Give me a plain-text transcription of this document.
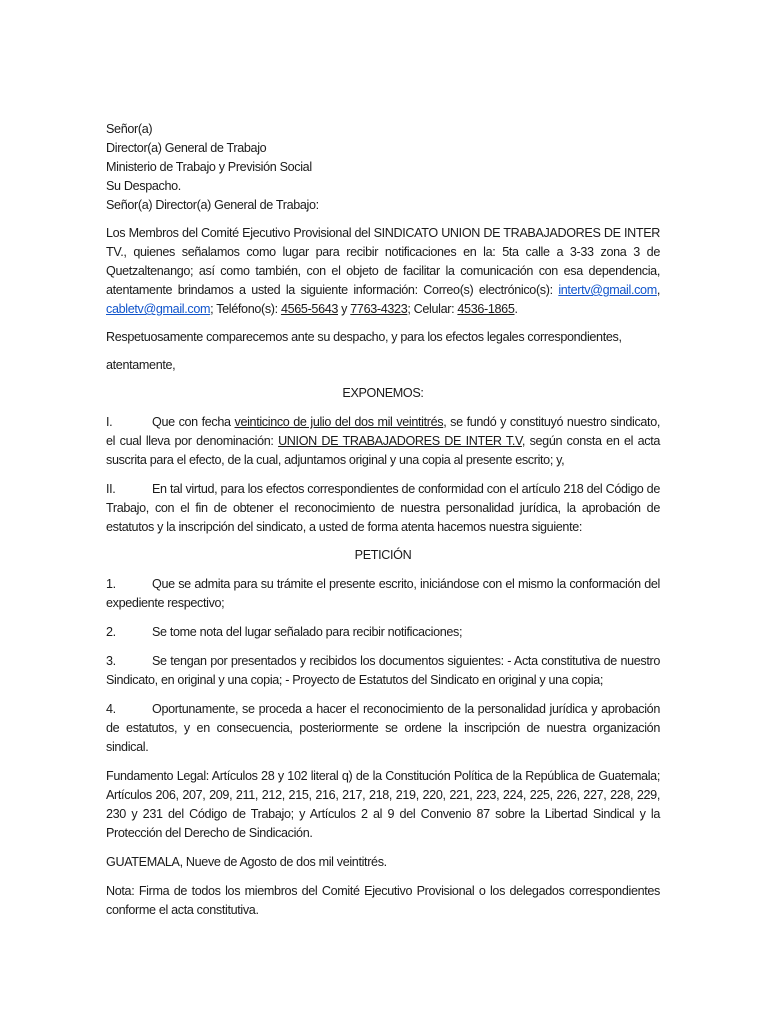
Señor(a)
Director(a) General de Trabajo
Ministerio de Trabajo y Previsión Social
Su Despacho.
Señor(a) Director(a) General de Trabajo:

Los Membros del Comité Ejecutivo Provisional del SINDICATO UNION DE TRABAJADORES DE INTER TV., quienes señalamos como lugar para recibir notificaciones en la: 5ta calle a 3-33 zona 3 de Quetzaltenango; así como también, con el objeto de facilitar la comunicación con esa dependencia, atentamente brindamos a usted la siguiente información: Correo(s) electrónico(s): intertv@gmail.com, cabletv@gmail.com; Teléfono(s): 4565-5643 y 7763-4323; Celular: 4536-1865.

Respetuosamente comparecemos ante su despacho, y para los efectos legales correspondientes,

atentamente,

EXPONEMOS:

I.	Que con fecha veinticinco de julio del dos mil veintitrés, se fundó y constituyó nuestro sindicato, el cual lleva por denominación: UNION DE TRABAJADORES DE INTER T.V, según consta en el acta suscrita para el efecto, de la cual, adjuntamos original y una copia al presente escrito; y,

II.	En tal virtud, para los efectos correspondientes de conformidad con el artículo 218 del Código de Trabajo, con el fin de obtener el reconocimiento de nuestra personalidad jurídica, la aprobación de estatutos y la inscripción del sindicato, a usted de forma atenta hacemos nuestra siguiente:

PETICIÓN

1.	Que se admita para su trámite el presente escrito, iniciándose con el mismo la conformación del expediente respectivo;

2.	Se tome nota del lugar señalado para recibir notificaciones;

3.	Se tengan por presentados y recibidos los documentos siguientes: - Acta constitutiva de nuestro Sindicato, en original y una copia; - Proyecto de Estatutos del Sindicato en original y una copia;

4.	Oportunamente, se proceda a hacer el reconocimiento de la personalidad jurídica y aprobación de estatutos, y en consecuencia, posteriormente se ordene la inscripción de nuestra organización sindical.

Fundamento Legal: Artículos 28 y 102 literal q) de la Constitución Política de la República de Guatemala; Artículos 206, 207, 209, 211, 212, 215, 216, 217, 218, 219, 220, 221, 223, 224, 225, 226, 227, 228, 229, 230 y 231 del Código de Trabajo; y Artículos 2 al 9 del Convenio 87 sobre la Libertad Sindical y la Protección del Derecho de Sindicación.

GUATEMALA, Nueve de Agosto de dos mil veintitrés.

Nota: Firma de todos los miembros del Comité Ejecutivo Provisional o los delegados correspondientes conforme el acta constitutiva.
